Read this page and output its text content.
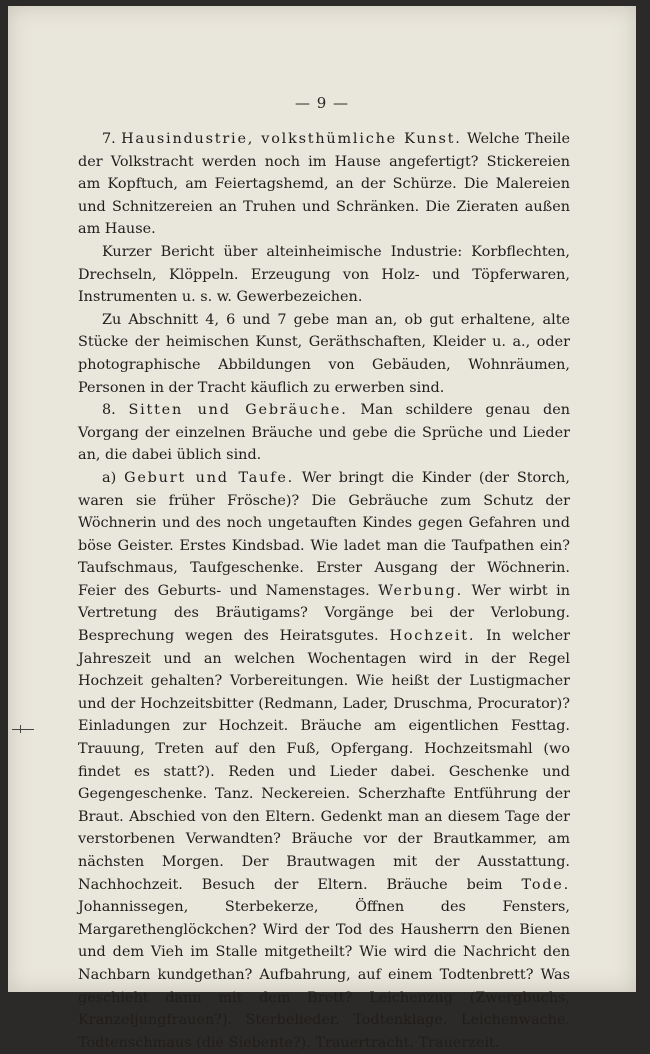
— 9 —

7. Hausindustrie, volksthümliche Kunst. Welche Theile der Volkstracht werden noch im Hause angefertigt? Stickereien am Kopftuch, am Feiertagshemd, an der Schürze. Die Malereien und Schnitzereien an Truhen und Schränken. Die Zieraten außen am Hause.

Kurzer Bericht über alteinheimische Industrie: Korbflechten, Drechseln, Klöppeln. Erzeugung von Holz- und Töpferwaren, Instrumenten u. s. w. Gewerbezeichen.

Zu Abschnitt 4, 6 und 7 gebe man an, ob gut erhaltene, alte Stücke der heimischen Kunst, Geräthschaften, Kleider u. a., oder photographische Abbildungen von Gebäuden, Wohnräumen, Personen in der Tracht käuflich zu erwerben sind.

8. Sitten und Gebräuche. Man schildere genau den Vorgang der einzelnen Bräuche und gebe die Sprüche und Lieder an, die dabei üblich sind.

a) Geburt und Taufe. Wer bringt die Kinder (der Storch, waren sie früher Frösche)? Die Gebräuche zum Schutz der Wöchnerin und des noch ungetauften Kindes gegen Gefahren und böse Geister. Erstes Kindsbad. Wie ladet man die Taufpathen ein? Taufschmaus, Taufgeschenke. Erster Ausgang der Wöchnerin. Feier des Geburts- und Namenstages. Werbung. Wer wirbt in Vertretung des Bräutigams? Vorgänge bei der Verlobung. Besprechung wegen des Heiratsgutes. Hochzeit. In welcher Jahreszeit und an welchen Wochentagen wird in der Regel Hochzeit gehalten? Vorbereitungen. Wie heißt der Lustigmacher und der Hochzeitsbitter (Redmann, Lader, Druschma, Procurator)? Einladungen zur Hochzeit. Bräuche am eigentlichen Festtag. Trauung, Treten auf den Fuß, Opfergang. Hochzeitsmahl (wo findet es statt?). Reden und Lieder dabei. Geschenke und Gegengeschenke. Tanz. Neckereien. Scherzhafte Entführung der Braut. Abschied von den Eltern. Gedenkt man an diesem Tage der verstorbenen Verwandten? Bräuche vor der Brautkammer, am nächsten Morgen. Der Brautwagen mit der Ausstattung. Nachhochzeit. Besuch der Eltern. Bräuche beim Tode. Johannissegen, Sterbekerze, Öffnen des Fensters, Margarethenglöckchen? Wird der Tod des Hausherrn den Bienen und dem Vieh im Stalle mitgetheilt? Wie wird die Nachricht den Nachbarn kundgethan? Aufbahrung, auf einem Todtenbrett? Was geschieht dann mit dem Brett? Leichenzug (Zwergbuchs, Kranzeljungfrauen?). Sterbelieder. Todtenklage. Leichenwache. Todtenschmaus (die Siebente?). Trauertracht. Trauerzeit.
